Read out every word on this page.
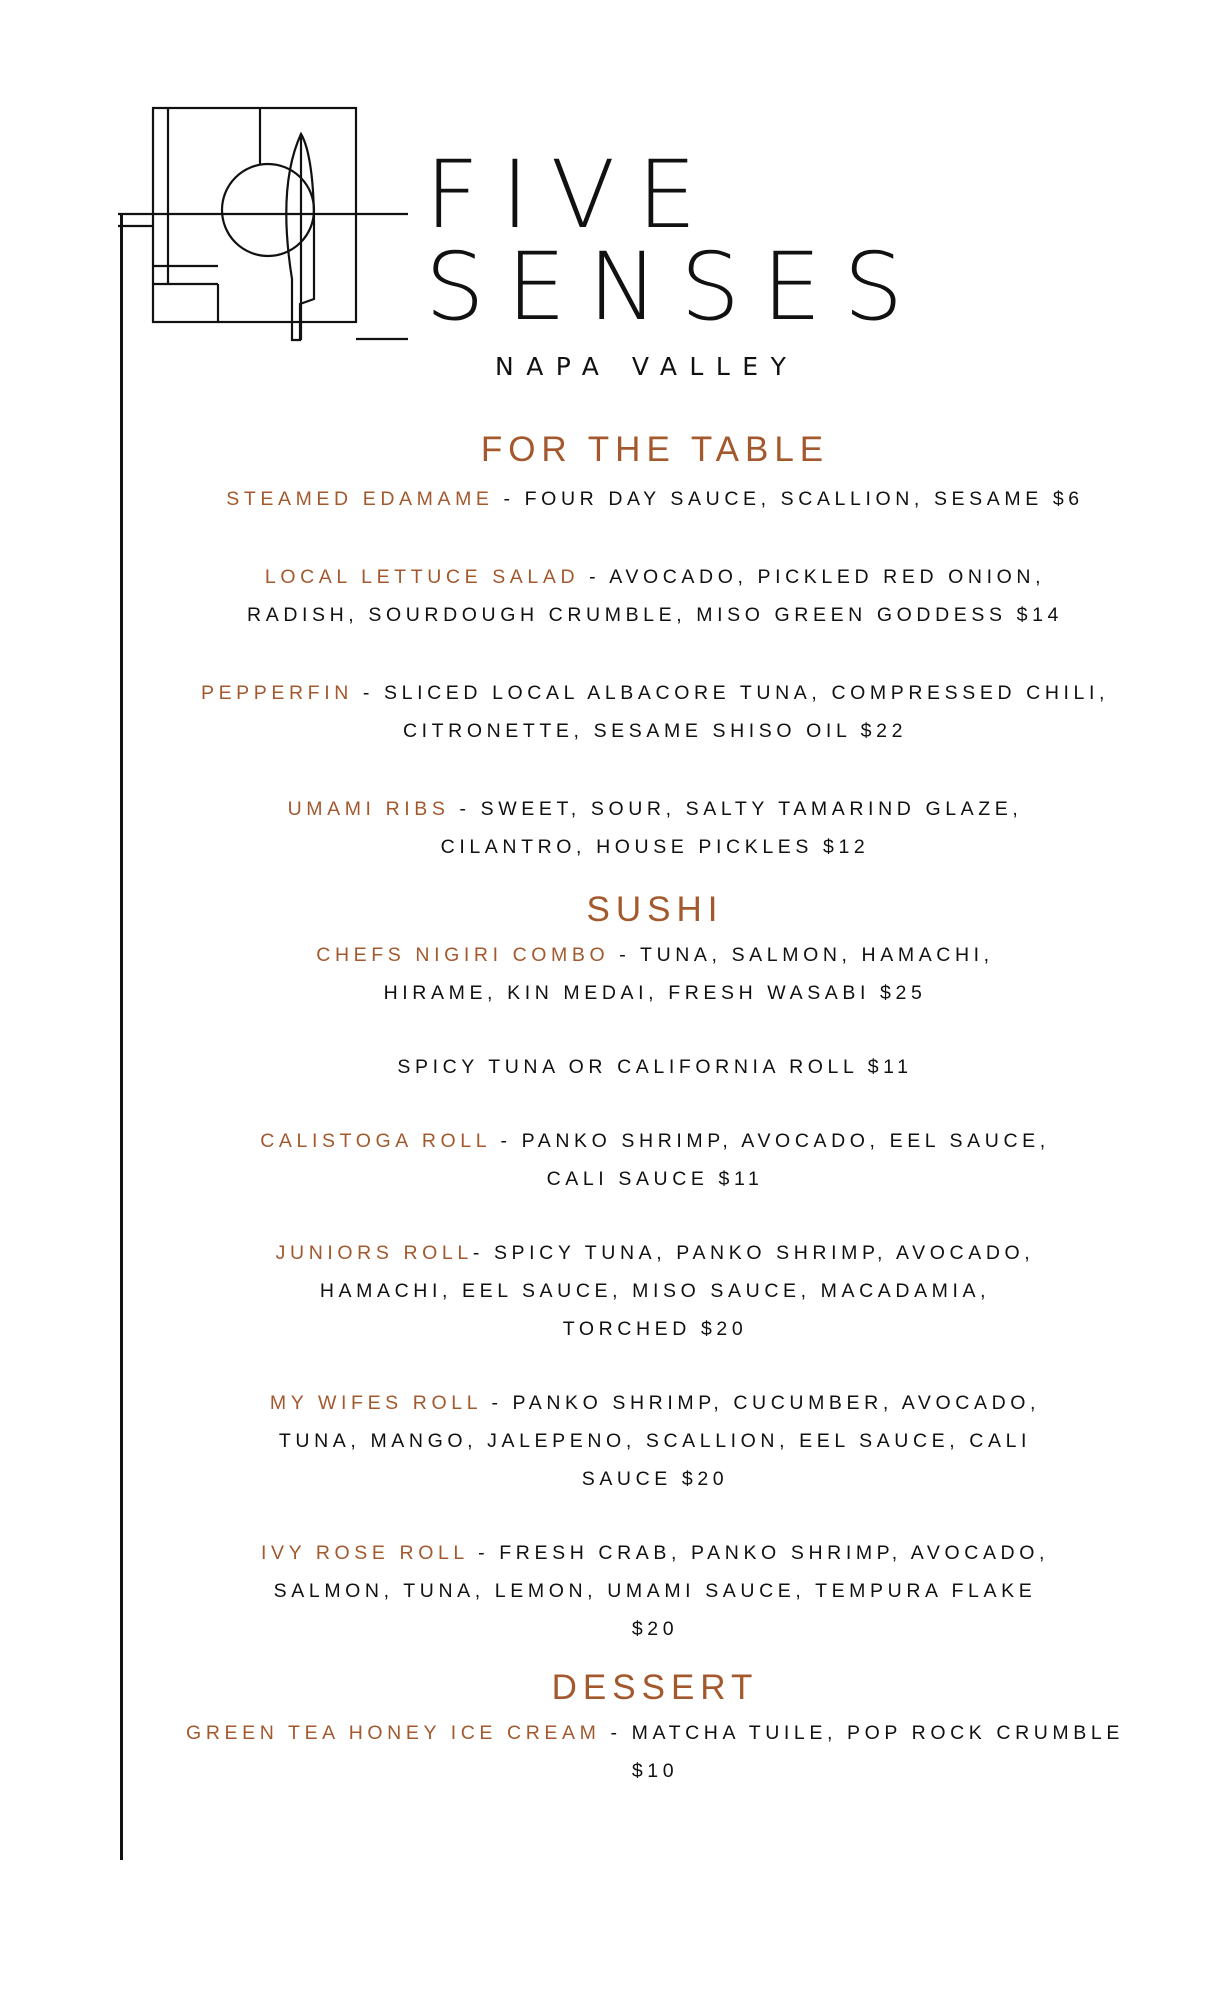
FIVE
SENSES
NAPA VALLEY
FOR THE TABLE
STEAMED EDAMAME - FOUR DAY SAUCE, SCALLION, SESAME $6
LOCAL LETTUCE SALAD - AVOCADO, PICKLED RED ONION,
RADISH, SOURDOUGH CRUMBLE, MISO GREEN GODDESS $14
PEPPERFIN - SLICED LOCAL ALBACORE TUNA, COMPRESSED CHILI,
CITRONETTE, SESAME SHISO OIL $22
UMAMI RIBS - SWEET, SOUR, SALTY TAMARIND GLAZE,
CILANTRO, HOUSE PICKLES $12
SUSHI
CHEFS NIGIRI COMBO - TUNA, SALMON, HAMACHI,
HIRAME, KIN MEDAI, FRESH WASABI $25
SPICY TUNA OR CALIFORNIA ROLL $11
CALISTOGA ROLL - PANKO SHRIMP, AVOCADO, EEL SAUCE,
CALI SAUCE $11
JUNIORS ROLL- SPICY TUNA, PANKO SHRIMP, AVOCADO,
HAMACHI, EEL SAUCE, MISO SAUCE, MACADAMIA,
TORCHED $20
MY WIFES ROLL - PANKO SHRIMP, CUCUMBER, AVOCADO,
TUNA, MANGO, JALEPENO, SCALLION, EEL SAUCE, CALI
SAUCE $20
IVY ROSE ROLL - FRESH CRAB, PANKO SHRIMP, AVOCADO,
SALMON, TUNA, LEMON, UMAMI SAUCE, TEMPURA FLAKE
$20
DESSERT
GREEN TEA HONEY ICE CREAM - MATCHA TUILE, POP ROCK CRUMBLE $10
